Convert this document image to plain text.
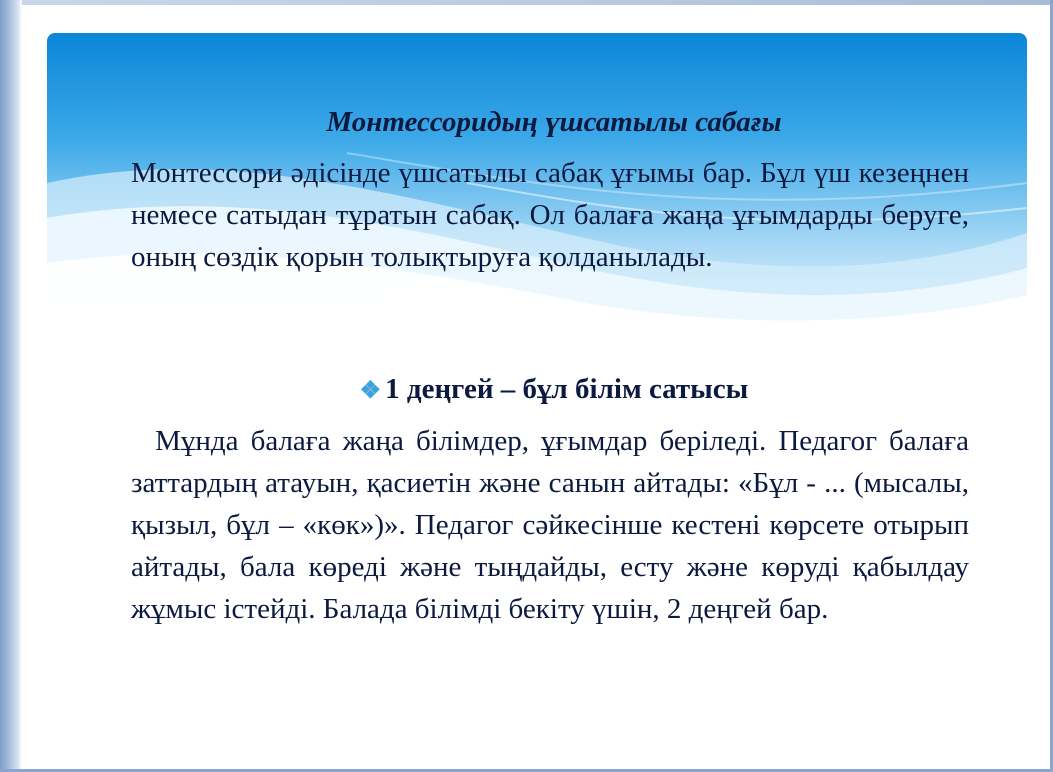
Монтессоридың үшсатылы сабағы
Монтессори әдісінде үшсатылы сабақ ұғымы бар. Бұл үш кезеңнен немесе сатыдан тұратын сабақ. Ол балаға жаңа ұғымдарды беруге, оның сөздік қорын толықтыруға қолданылады.
❖ 1 деңгей – бұл білім сатысы
Мұнда балаға жаңа білімдер, ұғымдар беріледі. Педагог балаға заттардың атауын, қасиетін және санын айтады: «Бұл - ... (мысалы, қызыл, бұл – «көк»)». Педагог сәйкесінше кестені көрсете отырып айтады, бала көреді және тыңдайды, есту және көруді қабылдау жұмыс істейді. Балада білімді бекіту үшін, 2 деңгей бар.
